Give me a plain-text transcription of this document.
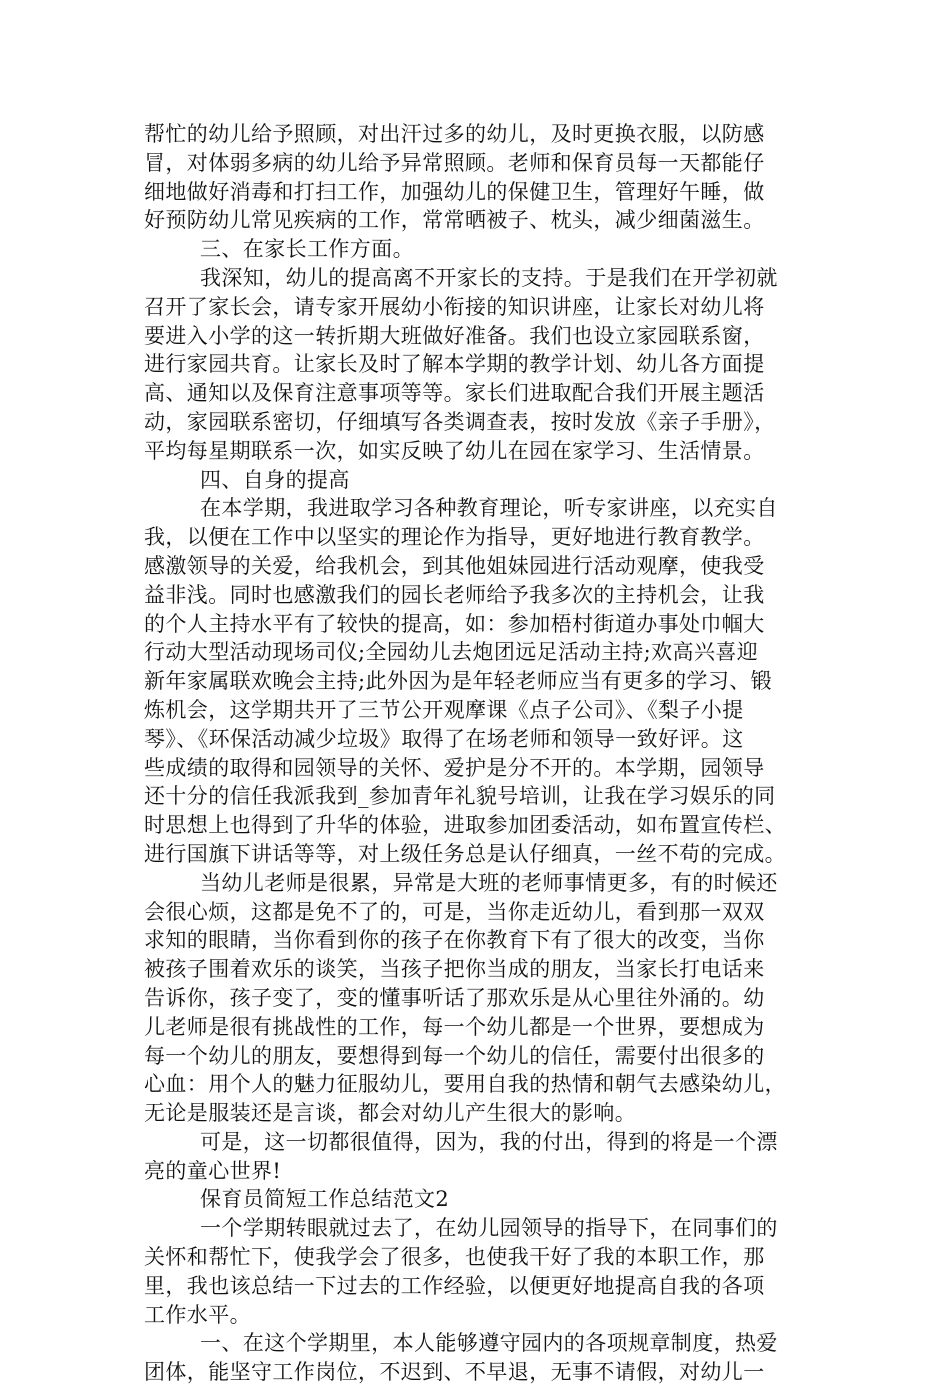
帮忙的幼儿给予照顾，对出汗过多的幼儿，及时更换衣服，以防感
冒，对体弱多病的幼儿给予异常照顾。老师和保育员每一天都能仔
细地做好消毒和打扫工作，加强幼儿的保健卫生，管理好午睡，做
好预防幼儿常见疾病的工作，常常晒被子、枕头，减少细菌滋生。
三、在家长工作方面。
我深知，幼儿的提高离不开家长的支持。于是我们在开学初就
召开了家长会，请专家开展幼小衔接的知识讲座，让家长对幼儿将
要进入小学的这一转折期大班做好准备。我们也设立家园联系窗，
进行家园共育。让家长及时了解本学期的教学计划、幼儿各方面提
高、通知以及保育注意事项等等。家长们进取配合我们开展主题活
动，家园联系密切，仔细填写各类调查表，按时发放《亲子手册》，
平均每星期联系一次，如实反映了幼儿在园在家学习、生活情景。
四、自身的提高
在本学期，我进取学习各种教育理论，听专家讲座，以充实自
我，以便在工作中以坚实的理论作为指导，更好地进行教育教学。
感激领导的关爱，给我机会，到其他姐妹园进行活动观摩，使我受
益非浅。同时也感激我们的园长老师给予我多次的主持机会，让我
的个人主持水平有了较快的提高，如：参加梧村街道办事处巾帼大
行动大型活动现场司仪;全园幼儿去炮团远足活动主持;欢高兴喜迎
新年家属联欢晚会主持;此外因为是年轻老师应当有更多的学习、锻
炼机会，这学期共开了三节公开观摩课《点子公司》、《梨子小提
琴》、《环保活动减少垃圾》取得了在场老师和领导一致好评。这
些成绩的取得和园领导的关怀、爱护是分不开的。本学期，园领导
还十分的信任我派我到_参加青年礼貌号培训，让我在学习娱乐的同
时思想上也得到了升华的体验，进取参加团委活动，如布置宣传栏、
进行国旗下讲话等等，对上级任务总是认仔细真，一丝不苟的完成。
当幼儿老师是很累，异常是大班的老师事情更多，有的时候还
会很心烦，这都是免不了的，可是，当你走近幼儿，看到那一双双
求知的眼睛，当你看到你的孩子在你教育下有了很大的改变，当你
被孩子围着欢乐的谈笑，当孩子把你当成的朋友，当家长打电话来
告诉你，孩子变了，变的懂事听话了那欢乐是从心里往外涌的。幼
儿老师是很有挑战性的工作，每一个幼儿都是一个世界，要想成为
每一个幼儿的朋友，要想得到每一个幼儿的信任，需要付出很多的
心血：用个人的魅力征服幼儿，要用自我的热情和朝气去感染幼儿，
无论是服装还是言谈，都会对幼儿产生很大的影响。
可是，这一切都很值得，因为，我的付出，得到的将是一个漂
亮的童心世界!
保育员简短工作总结范文2
一个学期转眼就过去了，在幼儿园领导的指导下，在同事们的
关怀和帮忙下，使我学会了很多，也使我干好了我的本职工作，那
里，我也该总结一下过去的工作经验，以便更好地提高自我的各项
工作水平。
一、在这个学期里，本人能够遵守园内的各项规章制度，热爱
团体，能坚守工作岗位，不迟到、不早退，无事不请假，对幼儿一
